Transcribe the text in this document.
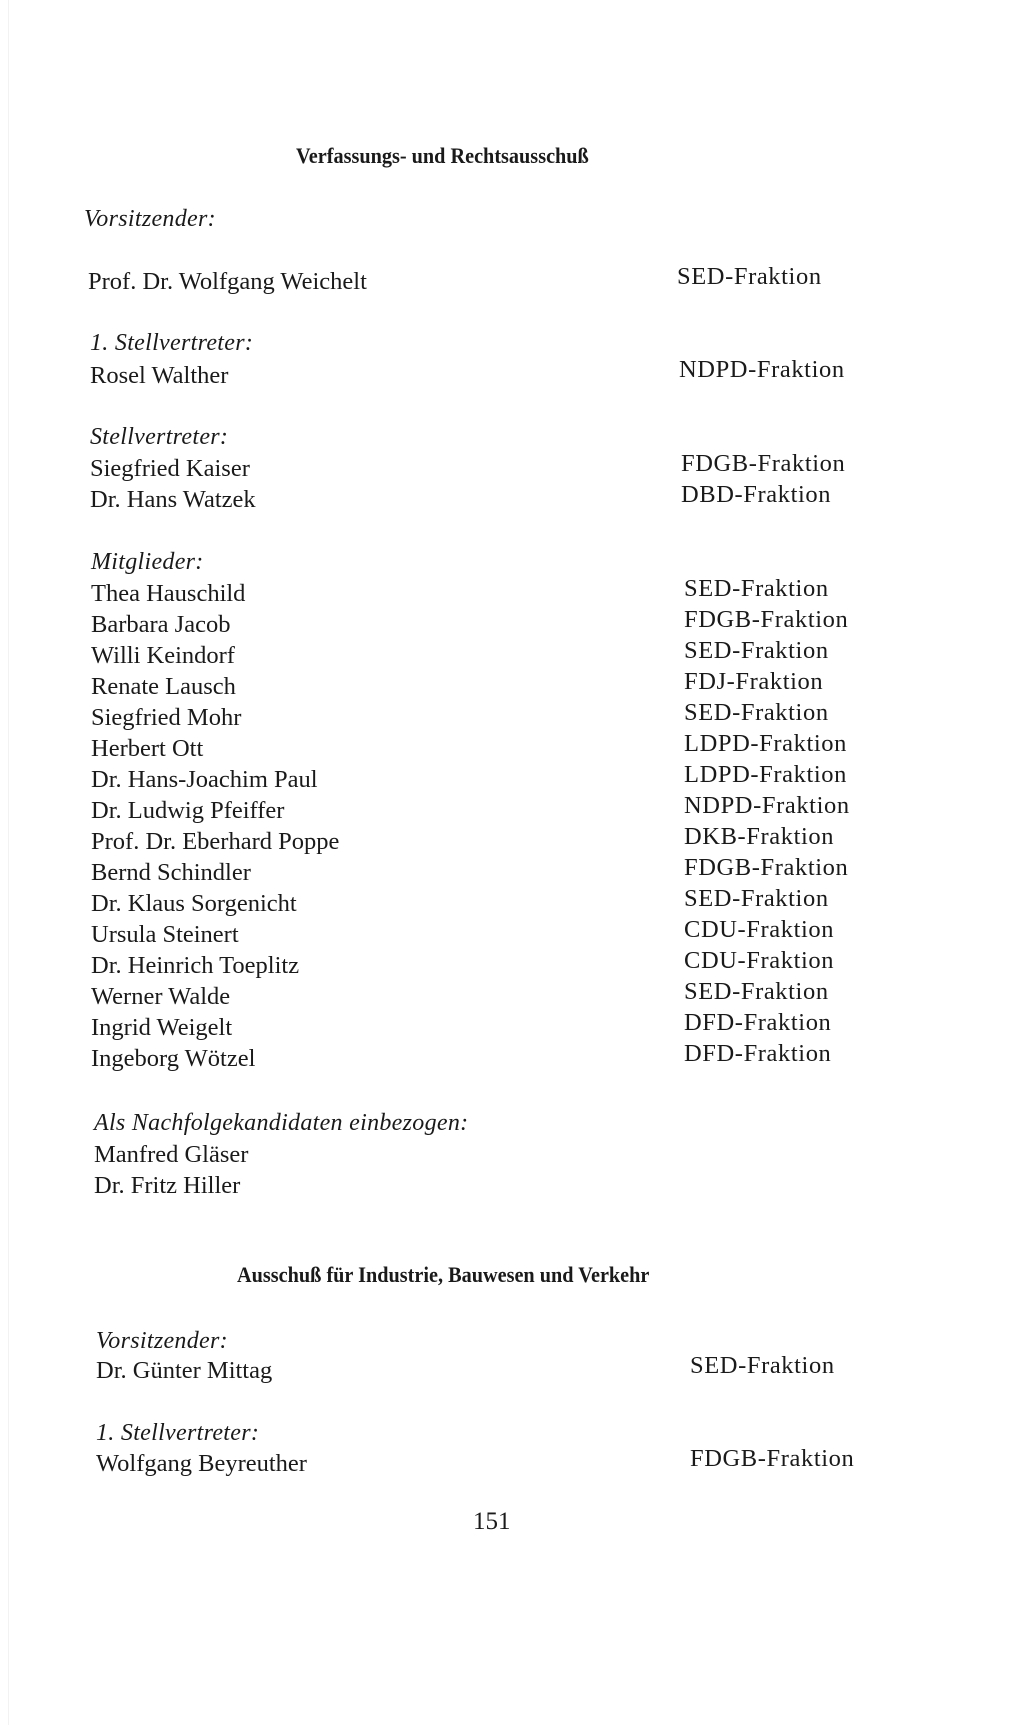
Verfassungs- und Rechtsausschuß
Vorsitzender:
Prof. Dr. Wolfgang Weichelt	SED-Fraktion
1. Stellvertreter:
Rosel Walther	NDPD-Fraktion
Stellvertreter:
Siegfried Kaiser	FDGB-Fraktion
Dr. Hans Watzek	DBD-Fraktion
Mitglieder:
Thea Hauschild	SED-Fraktion
Barbara Jacob	FDGB-Fraktion
Willi Keindorf	SED-Fraktion
Renate Lausch	FDJ-Fraktion
Siegfried Mohr	SED-Fraktion
Herbert Ott	LDPD-Fraktion
Dr. Hans-Joachim Paul	LDPD-Fraktion
Dr. Ludwig Pfeiffer	NDPD-Fraktion
Prof. Dr. Eberhard Poppe	DKB-Fraktion
Bernd Schindler	FDGB-Fraktion
Dr. Klaus Sorgenicht	SED-Fraktion
Ursula Steinert	CDU-Fraktion
Dr. Heinrich Toeplitz	CDU-Fraktion
Werner Walde	SED-Fraktion
Ingrid Weigelt	DFD-Fraktion
Ingeborg Wötzel	DFD-Fraktion
Als Nachfolgekandidaten einbezogen:
Manfred Gläser
Dr. Fritz Hiller
Ausschuß für Industrie, Bauwesen und Verkehr
Vorsitzender:
Dr. Günter Mittag	SED-Fraktion
1. Stellvertreter:
Wolfgang Beyreuther	FDGB-Fraktion
151
